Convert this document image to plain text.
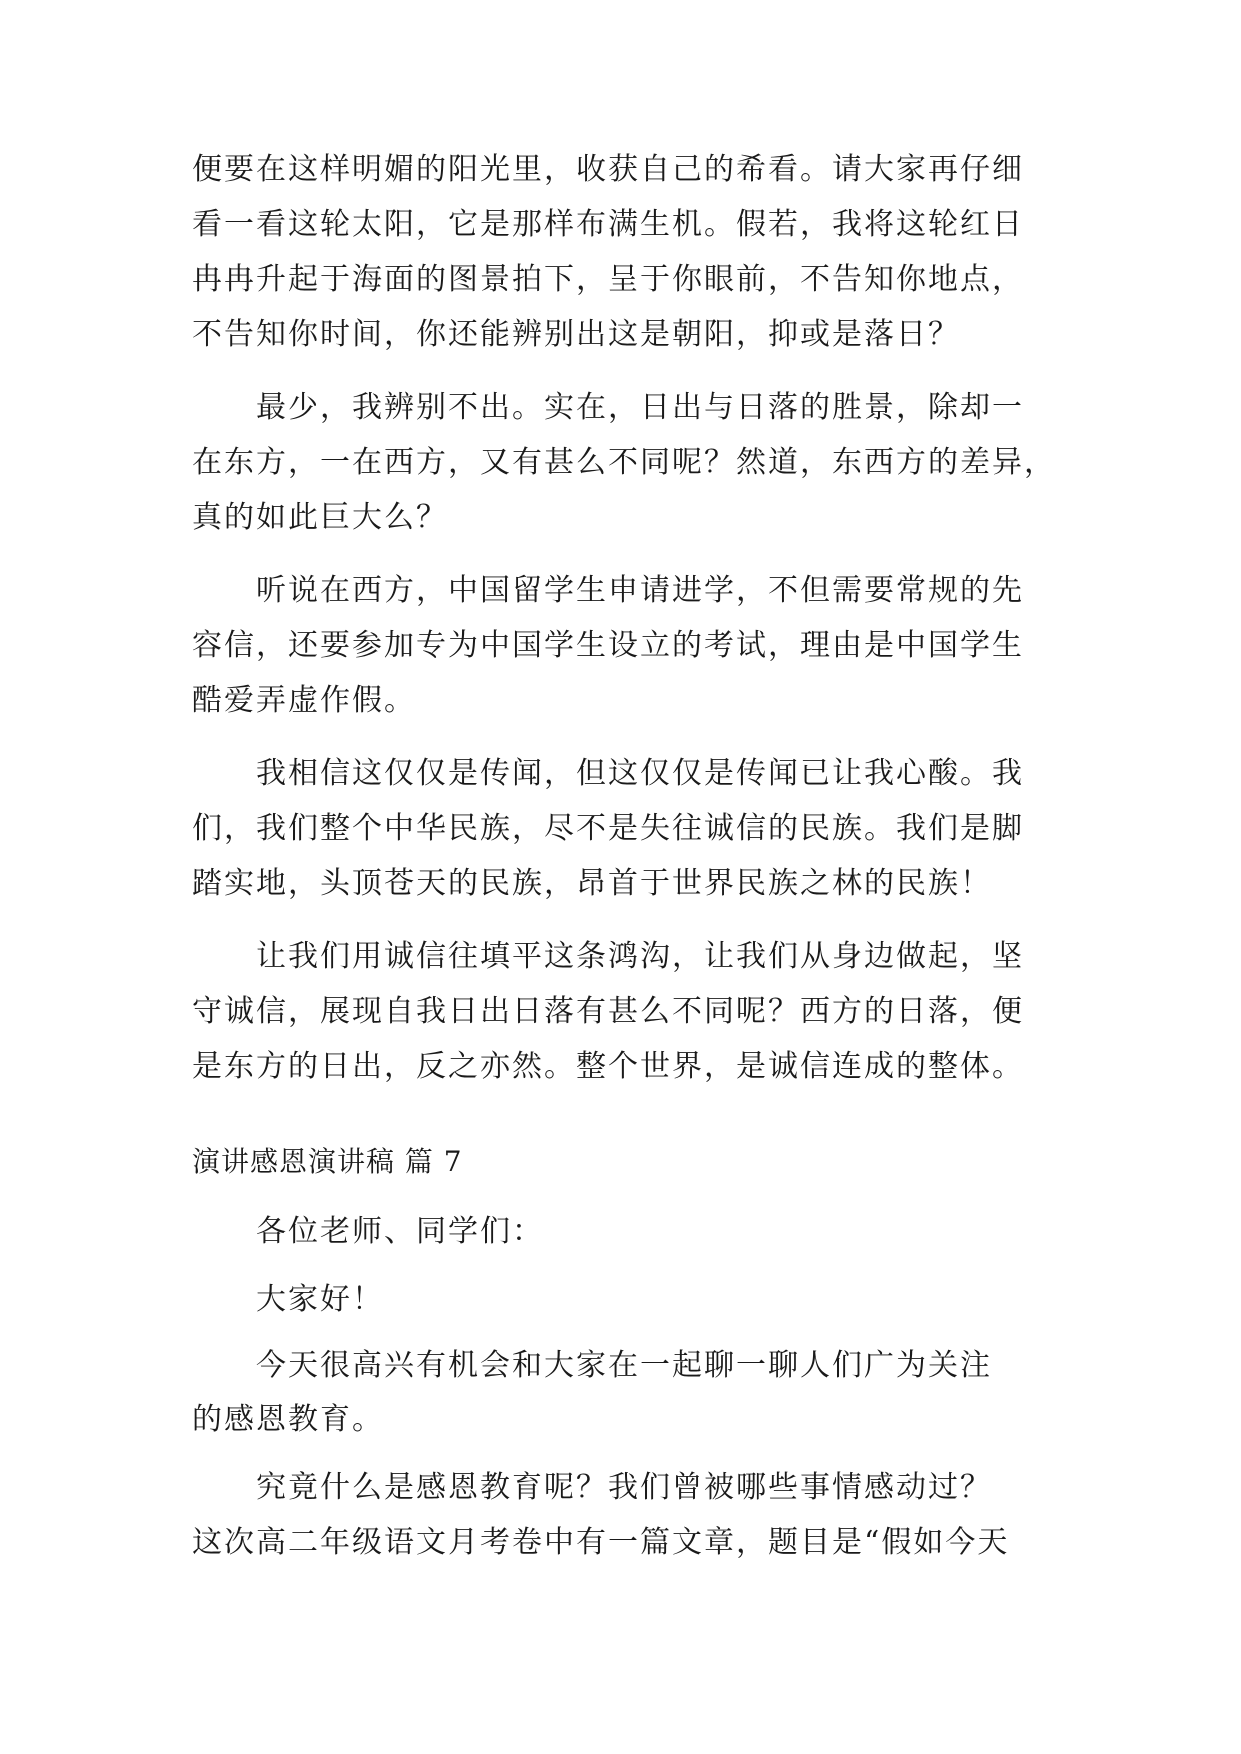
便要在这样明媚的阳光里，收获自己的希看。请大家再仔细
看一看这轮太阳，它是那样布满生机。假若，我将这轮红日
冉冉升起于海面的图景拍下，呈于你眼前，不告知你地点，
不告知你时间，你还能辨别出这是朝阳，抑或是落日？
最少，我辨别不出。实在，日出与日落的胜景，除却一
在东方，一在西方，又有甚么不同呢？然道，东西方的差异，
真的如此巨大么？
听说在西方，中国留学生申请进学，不但需要常规的先
容信，还要参加专为中国学生设立的考试，理由是中国学生
酷爱弄虚作假。
我相信这仅仅是传闻，但这仅仅是传闻已让我心酸。我
们，我们整个中华民族，尽不是失往诚信的民族。我们是脚
踏实地，头顶苍天的民族，昂首于世界民族之林的民族！
让我们用诚信往填平这条鸿沟，让我们从身边做起，坚
守诚信，展现自我日出日落有甚么不同呢？西方的日落，便
是东方的日出，反之亦然。整个世界，是诚信连成的整体。
演讲感恩演讲稿 篇 7
各位老师、同学们：
大家好！
今天很高兴有机会和大家在一起聊一聊人们广为关注
的感恩教育。
究竟什么是感恩教育呢？我们曾被哪些事情感动过？
这次高二年级语文月考卷中有一篇文章，题目是“假如今天
